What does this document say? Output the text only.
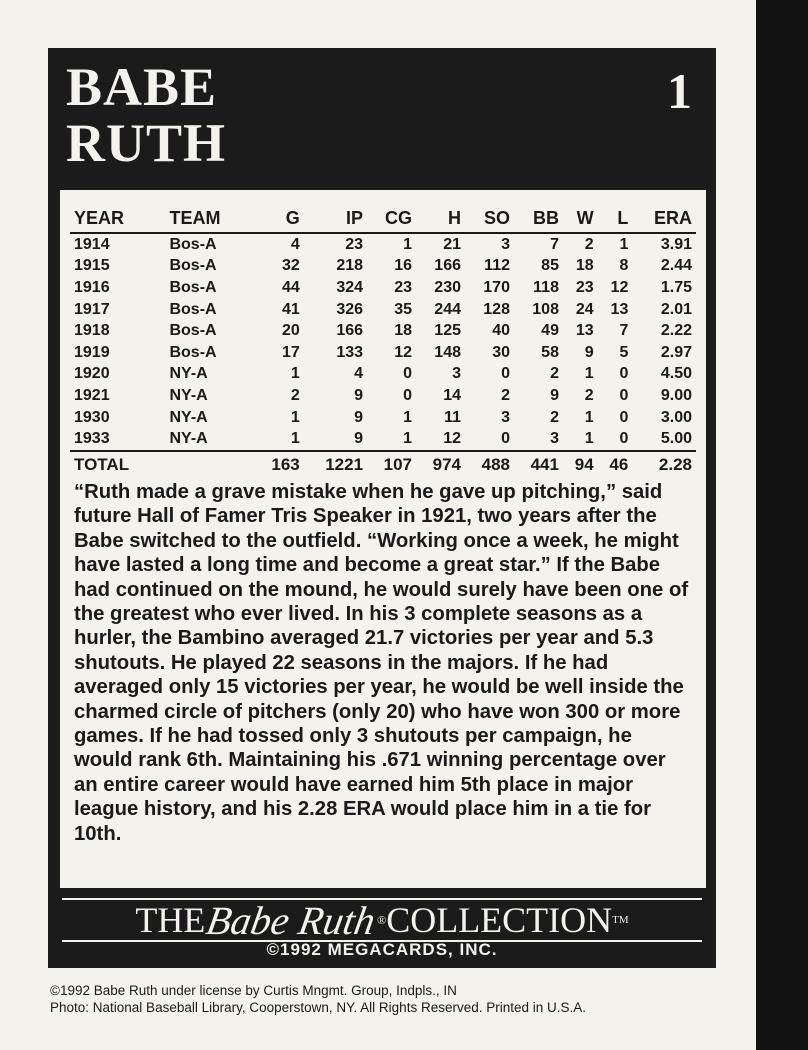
BABE
RUTH
1
YEAR	TEAM	G	IP	CG	H	SO	BB	W	L	ERA
1914	Bos-A	4	23	1	21	3	7	2	1	3.91
1915	Bos-A	32	218	16	166	112	85	18	8	2.44
1916	Bos-A	44	324	23	230	170	118	23	12	1.75
1917	Bos-A	41	326	35	244	128	108	24	13	2.01
1918	Bos-A	20	166	18	125	40	49	13	7	2.22
1919	Bos-A	17	133	12	148	30	58	9	5	2.97
1920	NY-A	1	4	0	3	0	2	1	0	4.50
1921	NY-A	2	9	0	14	2	9	2	0	9.00
1930	NY-A	1	9	1	11	3	2	1	0	3.00
1933	NY-A	1	9	1	12	0	3	1	0	5.00
TOTAL		163	1221	107	974	488	441	94	46	2.28

“Ruth made a grave mistake when he gave up pitching,” said future Hall of Famer Tris Speaker in 1921, two years after the Babe switched to the outfield. “Working once a week, he might have lasted a long time and become a great star.” If the Babe had continued on the mound, he would surely have been one of the greatest who ever lived. In his 3 complete seasons as a hurler, the Bambino averaged 21.7 victories per year and 5.3 shutouts. He played 22 seasons in the majors. If he had averaged only 15 victories per year, he would be well inside the charmed circle of pitchers (only 20) who have won 300 or more games. If he had tossed only 3 shutouts per campaign, he would rank 6th. Maintaining his .671 winning percentage over an entire career would have earned him 5th place in major league history, and his 2.28 ERA would place him in a tie for 10th.

THE
Babe Ruth
® COLLECTION TM
©1992 MEGACARDS, INC.
©1992 Babe Ruth under license by Curtis Mngmt. Group, Indpls., IN
Photo: National Baseball Library, Cooperstown, NY. All Rights Reserved. Printed in U.S.A.
